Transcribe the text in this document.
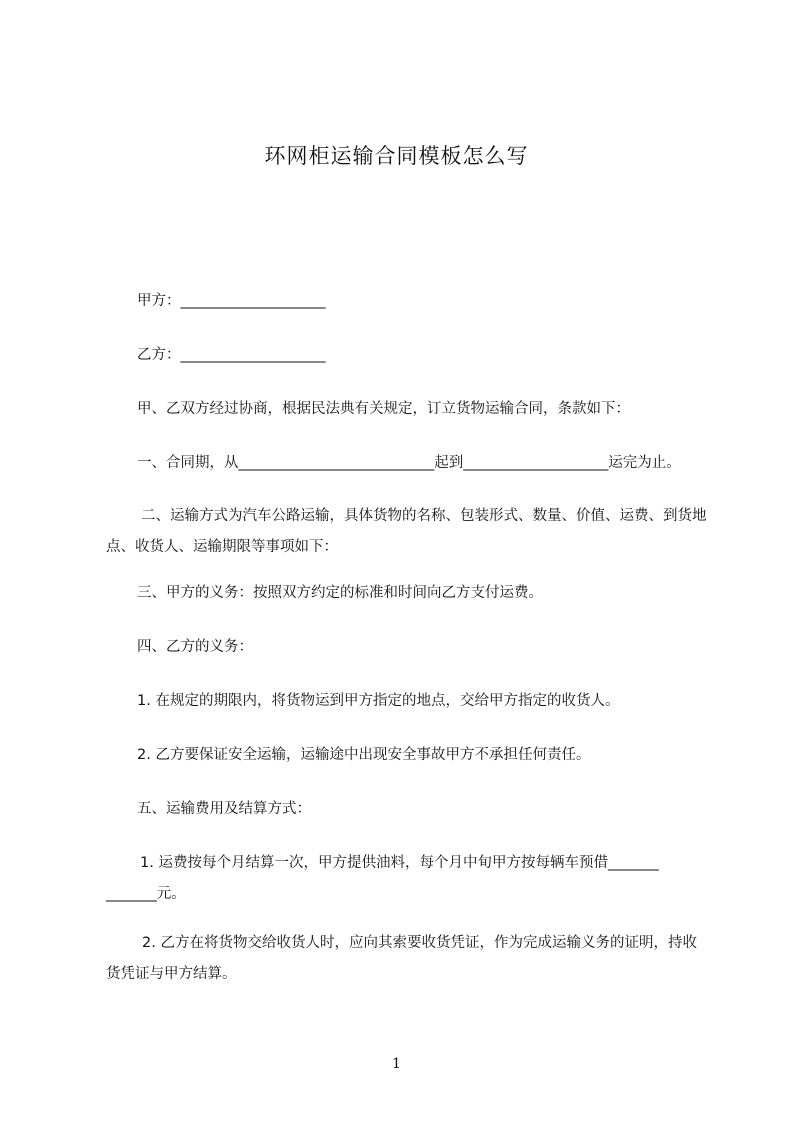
环网柜运输合同模板怎么写
甲方：____________________
乙方：____________________
甲、乙双方经过协商，根据民法典有关规定，订立货物运输合同，条款如下：
一、合同期，从___________________________起到____________________运完为止。
二、运输方式为汽车公路运输，具体货物的名称、包装形式、数量、价值、运费、到货地点、收货人、运输期限等事项如下：
三、甲方的义务：按照双方约定的标准和时间向乙方支付运费。
四、乙方的义务：
1. 在规定的期限内，将货物运到甲方指定的地点，交给甲方指定的收货人。
2. 乙方要保证安全运输，运输途中出现安全事故甲方不承担任何责任。
五、运输费用及结算方式：
1. 运费按每个月结算一次，甲方提供油料，每个月中旬甲方按每辆车预借_______ _______元。
2. 乙方在将货物交给收货人时，应向其索要收货凭证，作为完成运输义务的证明，持收货凭证与甲方结算。
1
